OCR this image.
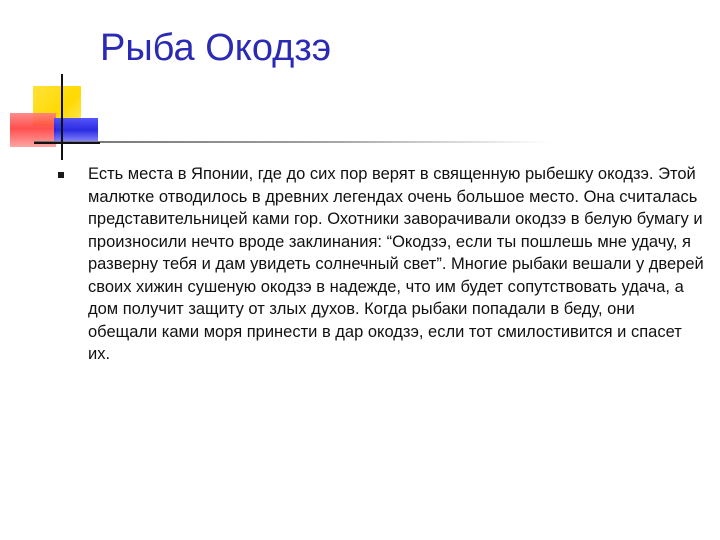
Рыба Окодзэ
Есть места в Японии, где до сих пор верят в священную рыбешку окодзэ. Этой малютке отводилось в древних легендах очень большое место. Она считалась представительницей ками гор. Охотники заворачивали окодзэ в белую бумагу и произносили нечто вроде заклинания: “Окодзэ, если ты пошлешь мне удачу, я разверну тебя и дам увидеть солнечный свет”. Многие рыбаки вешали у дверей своих хижин сушеную окодзэ в надежде, что им будет сопутствовать удача, а дом получит защиту от злых духов. Когда рыбаки попадали в беду, они обещали ками моря принести в дар окодзэ, если тот смилостивится и спасет их.
